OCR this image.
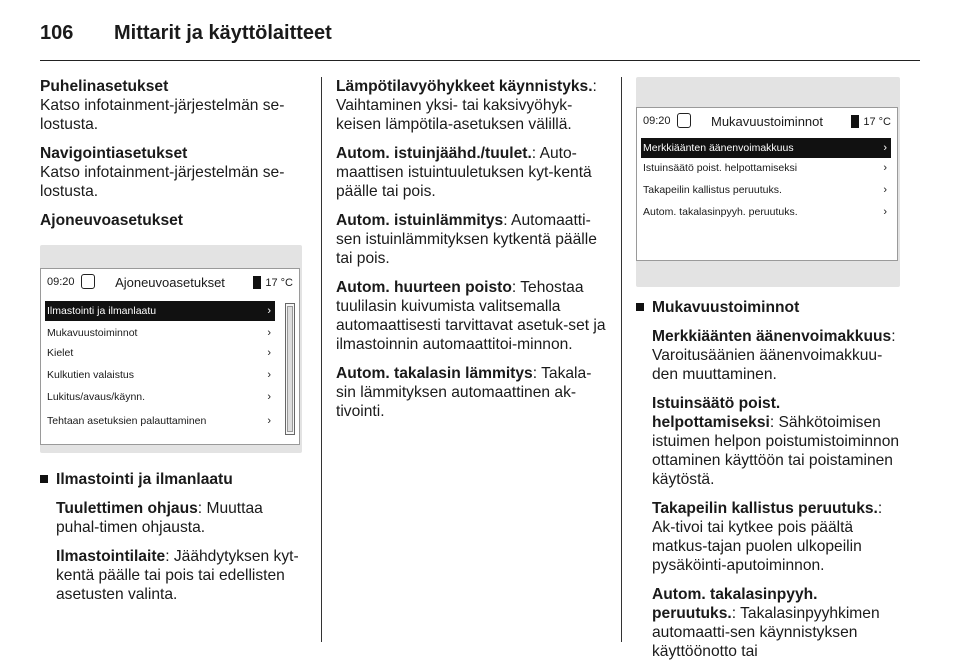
106 Mittarit ja käyttölaitteet
Puhelinasetukset

Katso infotainment-järjestelmän se-lostusta.

Navigointiasetukset

Katso infotainment-järjestelmän se-lostusta.

Ajoneuvoasetukset
09:20	Ajoneuvoasetukset	17 °C
Ilmastointi ja ilmanlaatu	›
Mukavuustoiminnot	›
Kielet	›
Kulkutien valaistus	›
Lukitus/avaus/käynn.	›
Tehtaan asetuksien palauttaminen	›
Ilmastointi ja ilmanlaatu

Tuulettimen ohjaus: Muuttaa puhal-timen ohjausta.

Ilmastointilaite: Jäähdytyksen kyt-kentä päälle tai pois tai edellisten asetusten valinta.

Lämpötilavyöhykkeet käynnistyks.: Vaihtaminen yksi- tai kaksivyöhyk-keisen lämpötila-asetuksen välillä.

Autom. istuinjäähd./tuulet.: Auto-maattisen istuintuuletuksen kyt-kentä päälle tai pois.

Autom. istuinlämmitys: Automaatti-sen istuinlämmityksen kytkentä päälle tai pois.

Autom. huurteen poisto: Tehostaa tuulilasin kuivumista valitsemalla automaattisesti tarvittavat asetuk-set ja ilmastoinnin automaattitoi-minnon.

Autom. takalasin lämmitys: Takala-sin lämmityksen automaattinen ak-tivointi.

09:20	Mukavuustoiminnot	17 °C
Merkkiäänten äänenvoimakkuus	›
Istuinsäätö poist. helpottamiseksi	›
Takapeilin kallistus peruutuks.	›
Autom. takalasinpyyh. peruutuks.	›
Mukavuustoiminnot

Merkkiäänten äänenvoimakkuus: Varoitusäänien äänenvoimakkuu-den muuttaminen.

Istuinsäätö poist. helpottamiseksi: Sähkötoimisen istuimen helpon poistumistoiminnon ottaminen käyttöön tai poistaminen käytöstä.

Takapeilin kallistus peruutuks.: Ak-tivoi tai kytkee pois päältä matkus-tajan puolen ulkopeilin pysäköinti-aputoiminnon.

Autom. takalasinpyyh. peruutuks.: Takalasinpyyhkimen automaatti-sen käynnistyksen käyttöönotto tai
